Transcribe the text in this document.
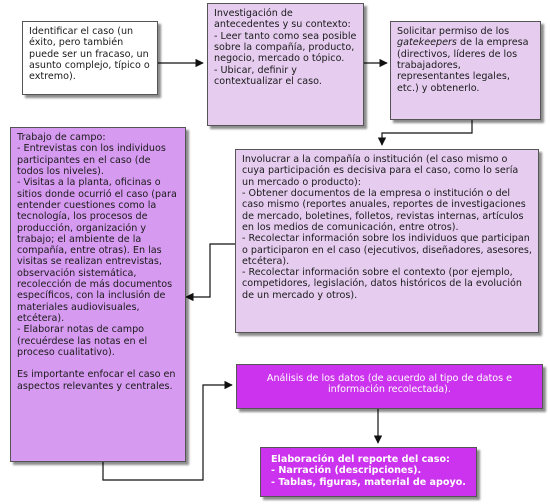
Identificar el caso (un éxito, pero también puede ser un fracaso, un asunto complejo, típico o extremo).

Investigación de antecedentes y su contexto:

- Leer tanto como sea posible sobre la compañía, producto, negocio, mercado o tópico.

- Ubicar, definir y contextualizar el caso.

Solicitar permiso de los gatekeepers de la empresa (directivos, líderes de los trabajadores, representantes legales, etc.) y obtenerlo.

Involucrar a la compañía o institución (el caso mismo o cuya participación es decisiva para el caso, como lo sería un mercado o producto):

- Obtener documentos de la empresa o institución o del caso mismo (reportes anuales, reportes de investigaciones de mercado, boletines, folletos, revistas internas, artículos en los medios de comunicación, entre otros).

- Recolectar información sobre los individuos que participan o participaron en el caso (ejecutivos, diseñadores, asesores, etcétera).

- Recolectar información sobre el contexto (por ejemplo, competidores, legislación, datos históricos de la evolución de un mercado y otros).

Trabajo de campo:

- Entrevistas con los individuos participantes en el caso (de todos los niveles).

- Visitas a la planta, oficinas o sitios donde ocurrió el caso (para entender cuestiones como la tecnología, los procesos de producción, organización y trabajo; el ambiente de la compañía, entre otras). En las visitas se realizan entrevistas, observación sistemática, recolección de más documentos específicos, con la inclusión de materiales audiovisuales, etcétera).

- Elaborar notas de campo (recuérdese las notas en el proceso cualitativo).

Es importante enfocar el caso en aspectos relevantes y centrales.

Análisis de los datos (de acuerdo al tipo de datos e información recolectada).

Elaboración del reporte del caso:

- Narración (descripciones).

- Tablas, figuras, material de apoyo.
